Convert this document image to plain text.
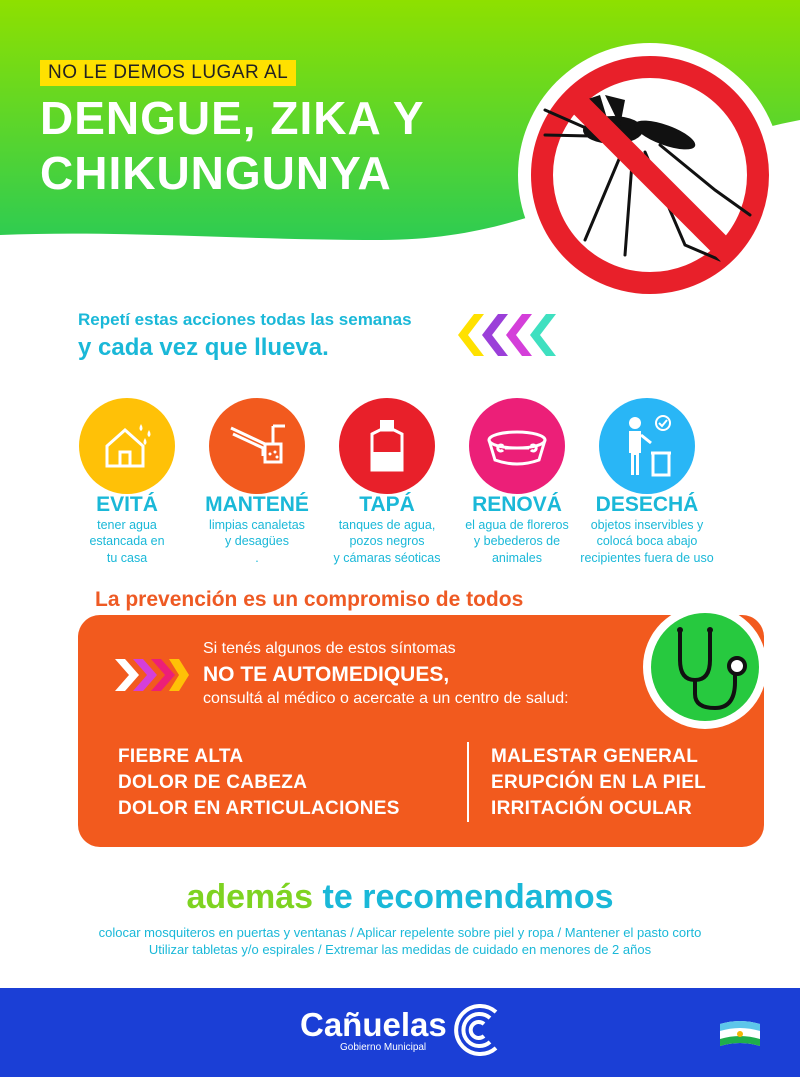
NO LE DEMOS LUGAR AL
DENGUE, ZIKA Y
CHIKUNGUNYA
Repetí estas acciones todas las semanas
y cada vez que llueva.
EVITÁ
tener agua
estancada en
tu casa
MANTENÉ
limpias canaletas
y desagües
.
TAPÁ
tanques de agua,
pozos negros
y cámaras séoticas
RENOVÁ
el agua de floreros
y bebederos de
animales
DESECHÁ
objetos inservibles y
colocá boca abajo
recipientes fuera de uso
La prevención es un compromiso de todos
Si tenés algunos de estos síntomas
NO TE AUTOMEDIQUES,
consultá al médico o acercate a un centro de salud:
FIEBRE ALTA
DOLOR DE CABEZA
DOLOR EN ARTICULACIONES
MALESTAR GENERAL
ERUPCIÓN EN LA PIEL
IRRITACIÓN OCULAR
además te recomendamos
colocar mosquiteros en puertas y ventanas / Aplicar repelente sobre piel y ropa / Mantener el pasto corto
Utilizar tabletas y/o espirales / Extremar las medidas de cuidado en menores de 2 años
Cañuelas
Gobierno Municipal
